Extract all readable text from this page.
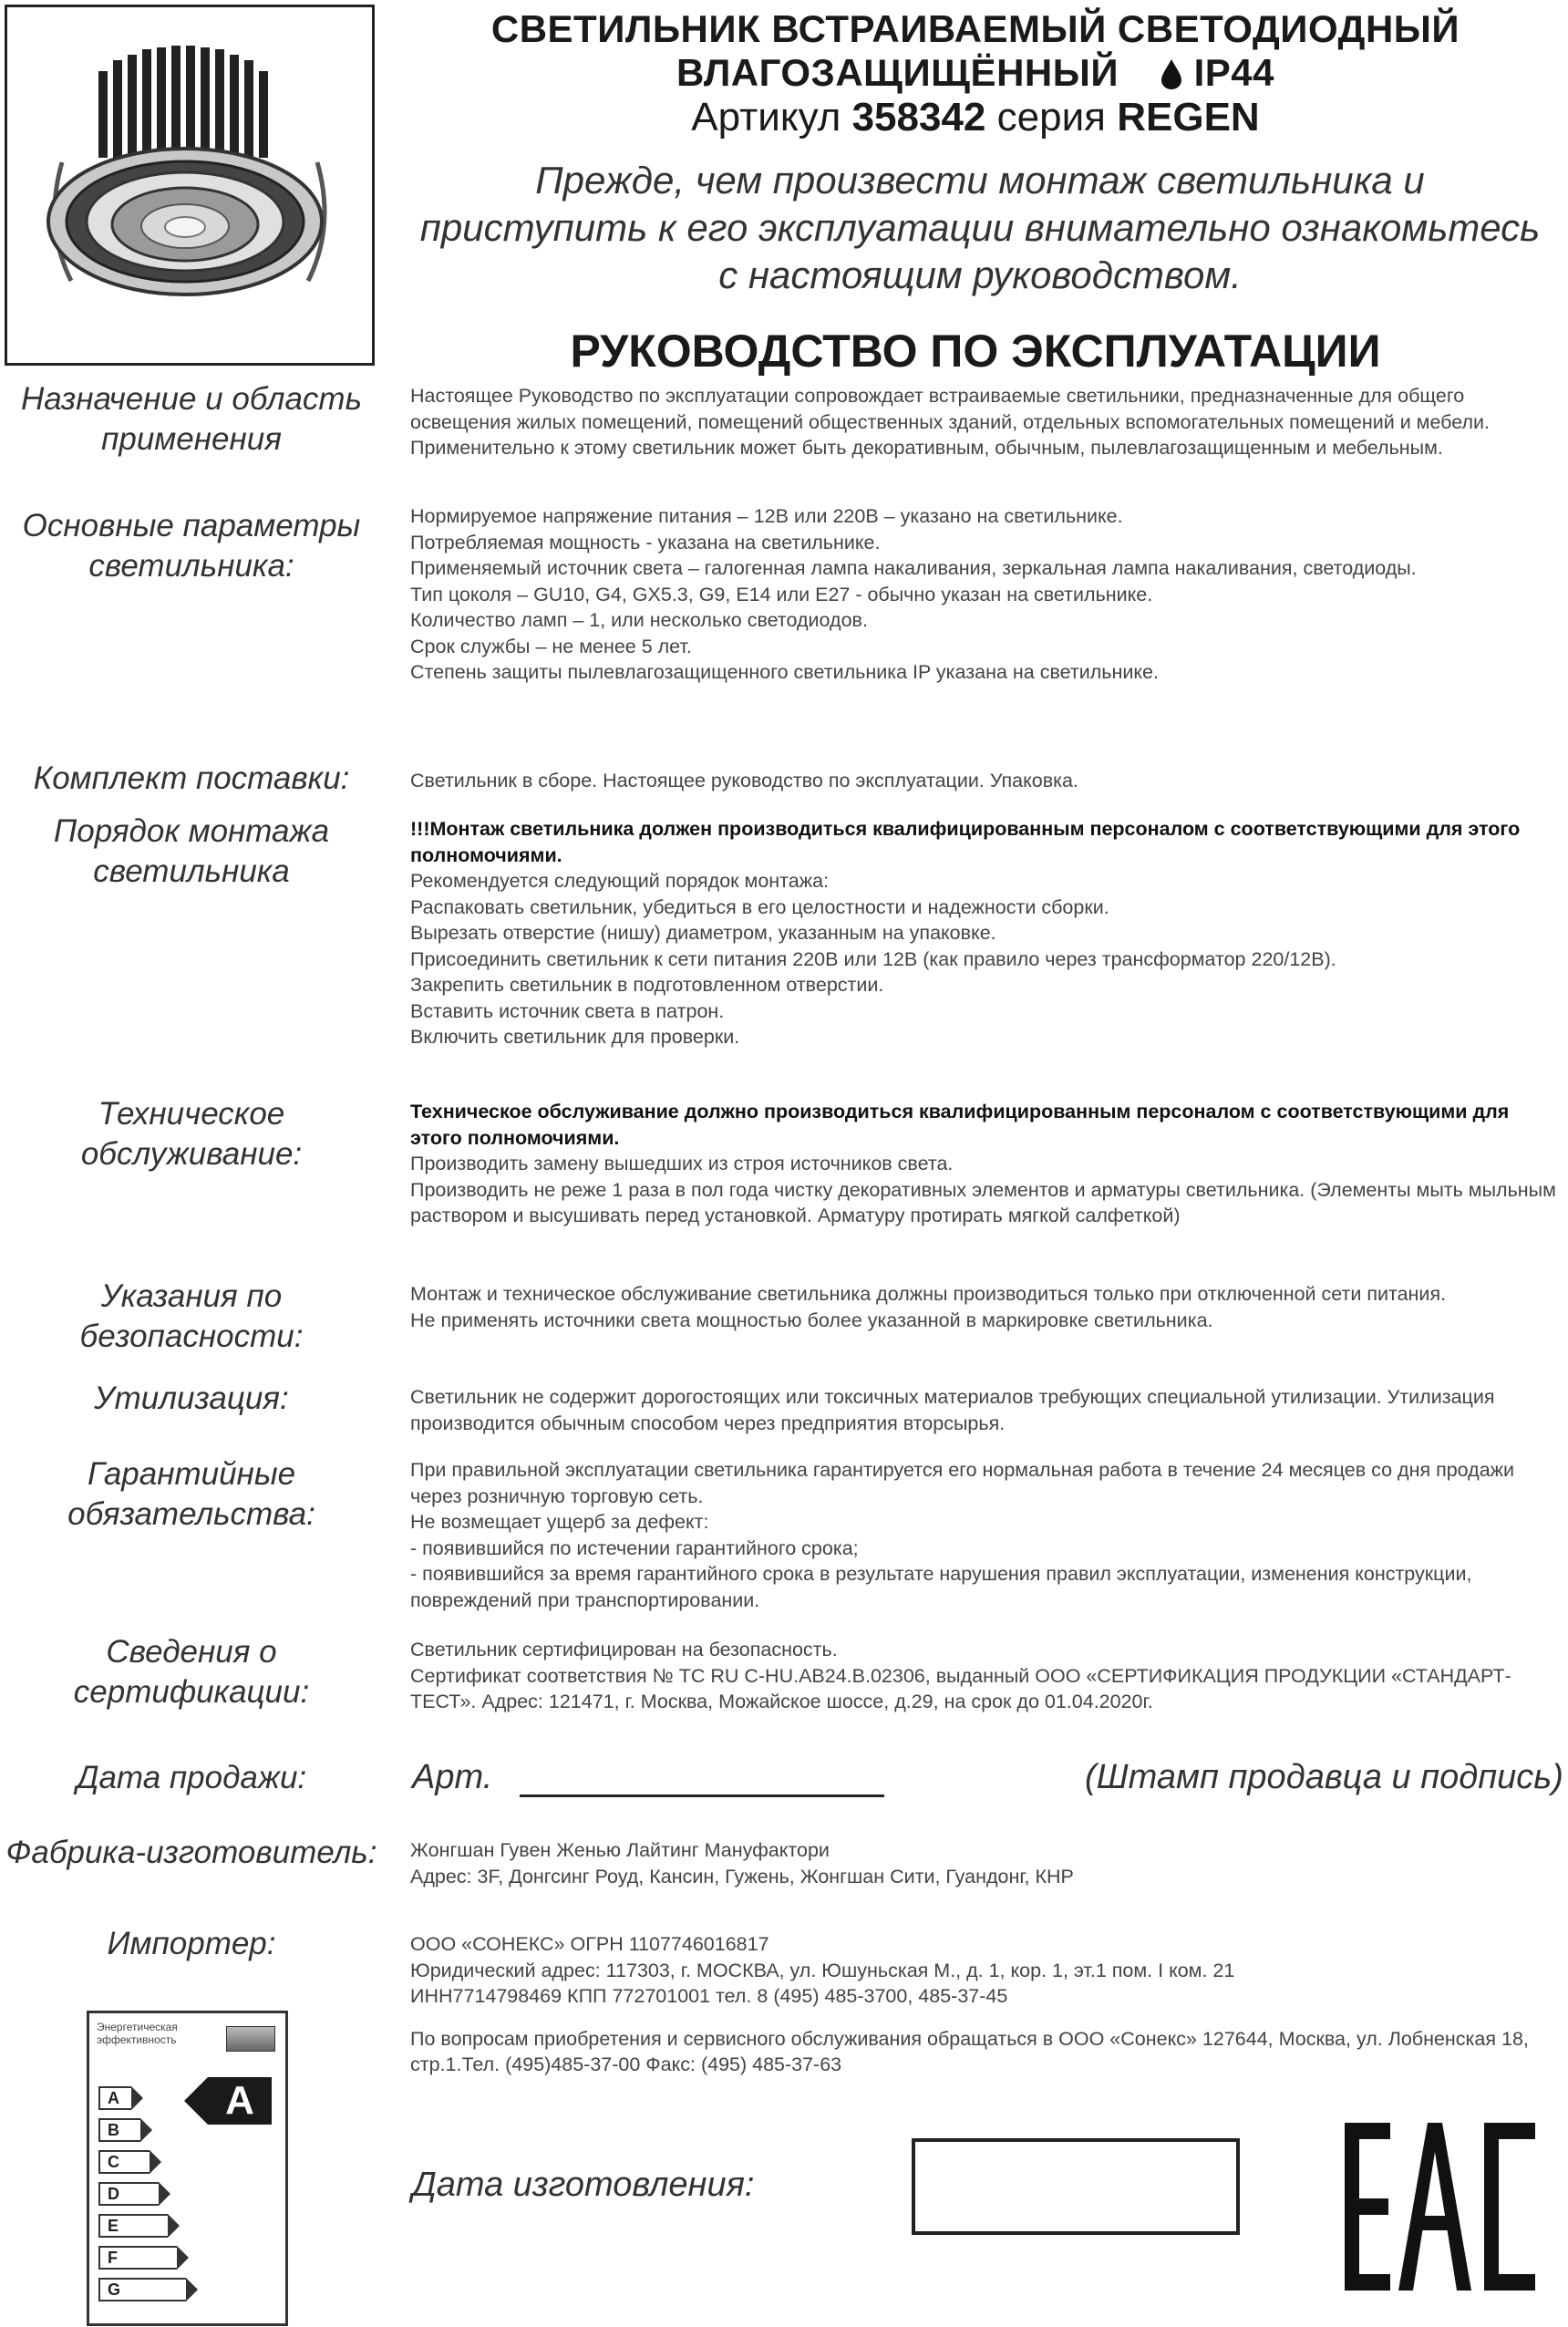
СВЕТИЛЬНИК ВСТРАИВАЕМЫЙ СВЕТОДИОДНЫЙ
ВЛАГОЗАЩИЩЁННЫЙ IP44
Артикул 358342 серия REGEN
Прежде, чем произвести монтаж светильника и приступить к его эксплуатации внимательно ознакомьтесь с настоящим руководством.
РУКОВОДСТВО ПО ЭКСПЛУАТАЦИИ
Назначение и область применения

Настоящее Руководство по эксплуатации сопровождает встраиваемые светильники, предназначенные для общего освещения жилых помещений, помещений общественных зданий, отдельных вспомогательных помещений и мебели. Применительно к этому светильник может быть декоративным, обычным, пылевлагозащищенным и мебельным.

Основные параметры светильника:

Нормируемое напряжение питания – 12В или 220В – указано на светильнике.

Потребляемая мощность - указана на светильнике.

Применяемый источник света – галогенная лампа накаливания, зеркальная лампа накаливания, светодиоды.

Тип цоколя – GU10, G4, GX5.3, G9, E14 или E27 - обычно указан на светильнике.

Количество ламп – 1, или несколько светодиодов.

Срок службы – не менее 5 лет.

Степень защиты пылевлагозащищенного светильника IP указана на светильнике.

Комплект поставки:	Светильник в сборе. Настоящее руководство по эксплуатации. Упаковка.

Порядок монтажа светильника

!!!Монтаж светильника должен производиться квалифицированным персоналом с соответствующими для этого полномочиями.

Рекомендуется следующий порядок монтажа:

Распаковать светильник, убедиться в его целостности и надежности сборки.

Вырезать отверстие (нишу) диаметром, указанным на упаковке.

Присоединить светильник к сети питания 220В или 12В (как правило через трансформатор 220/12В).

Закрепить светильник в подготовленном отверстии.

Вставить источник света в патрон.

Включить светильник для проверки.

Техническое обслуживание:

Техническое обслуживание должно производиться квалифицированным персоналом с соответствующими для этого полномочиями.

Производить замену вышедших из строя источников света.

Производить не реже 1 раза в пол года чистку декоративных элементов и арматуры светильника. (Элементы мыть мыльным раствором и высушивать перед установкой. Арматуру протирать мягкой салфеткой)

Указания по безопасности:

Монтаж и техническое обслуживание светильника должны производиться только при отключенной сети питания.

Не применять источники света мощностью более указанной в маркировке светильника.

Утилизация:	Светильник не содержит дорогостоящих или токсичных материалов требующих специальной утилизации. Утилизация производится обычным способом через предприятия вторсырья.

Гарантийные обязательства:

При правильной эксплуатации светильника гарантируется его нормальная работа в течение 24 месяцев со дня продажи через розничную торговую сеть.

Не возмещает ущерб за дефект:

- появившийся по истечении гарантийного срока;

- появившийся за время гарантийного срока в результате нарушения правил эксплуатации, изменения конструкции, повреждений при транспортировании.

Сведения о сертификации:

Светильник сертифицирован на безопасность.

Сертификат соответствия № ТС RU C-HU.AB24.B.02306, выданный ООО «СЕРТИФИКАЦИЯ ПРОДУКЦИИ «СТАНДАРТ-ТЕСТ». Адрес: 121471, г. Москва, Можайское шоссе, д.29, на срок до 01.04.2020г.

Дата продажи:	Арт.	(Штамп продавца и подпись)
Фабрика-изготовитель:	Жонгшан Гувен Женью Лайтинг Мануфактори

Адрес: 3F, Донгсинг Роуд, Кансин, Гужень, Жонгшан Сити, Гуандонг, КНР

Импортер:	ООО «СОНЕКС» ОГРН 1107746016817

Юридический адрес: 117303, г. МОСКВА, ул. Юшуньская М., д. 1, кор. 1, эт.1 пом. I ком. 21

ИНН7714798469 КПП 772701001 тел. 8 (495) 485-3700, 485-37-45

По вопросам приобретения и сервисного обслуживания обращаться в ООО «Сонекс» 127644, Москва, ул. Лобненская 18, стр.1.Тел. (495)485-37-00 Факс: (495) 485-37-63

Энергетическая эффективность
A
A
B
C
D
E
F
G
Дата изготовления:
